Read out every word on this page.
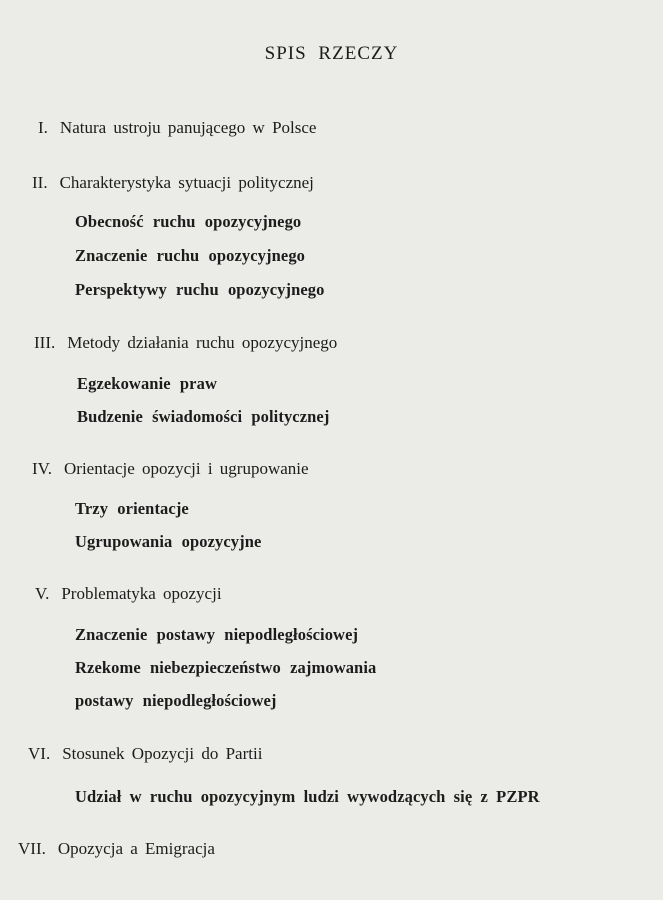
SPIS RZECZY
I. Natura ustroju panującego w Polsce
II. Charakterystyka sytuacji politycznej
Obecność ruchu opozycyjnego
Znaczenie ruchu opozycyjnego
Perspektywy ruchu opozycyjnego
III. Metody działania ruchu opozycyjnego
Egzekowanie praw
Budzenie świadomości politycznej
IV. Orientacje opozycji i ugrupowanie
Trzy orientacje
Ugrupowania opozycyjne
V. Problematyka opozycji
Znaczenie postawy niepodległościowej
Rzekome niebezpieczeństwo zajmowania
postawy niepodległościowej
VI. Stosunek Opozycji do Partii
Udział w ruchu opozycyjnym ludzi wywodzących się z PZPR
VII. Opozycja a Emigracja
